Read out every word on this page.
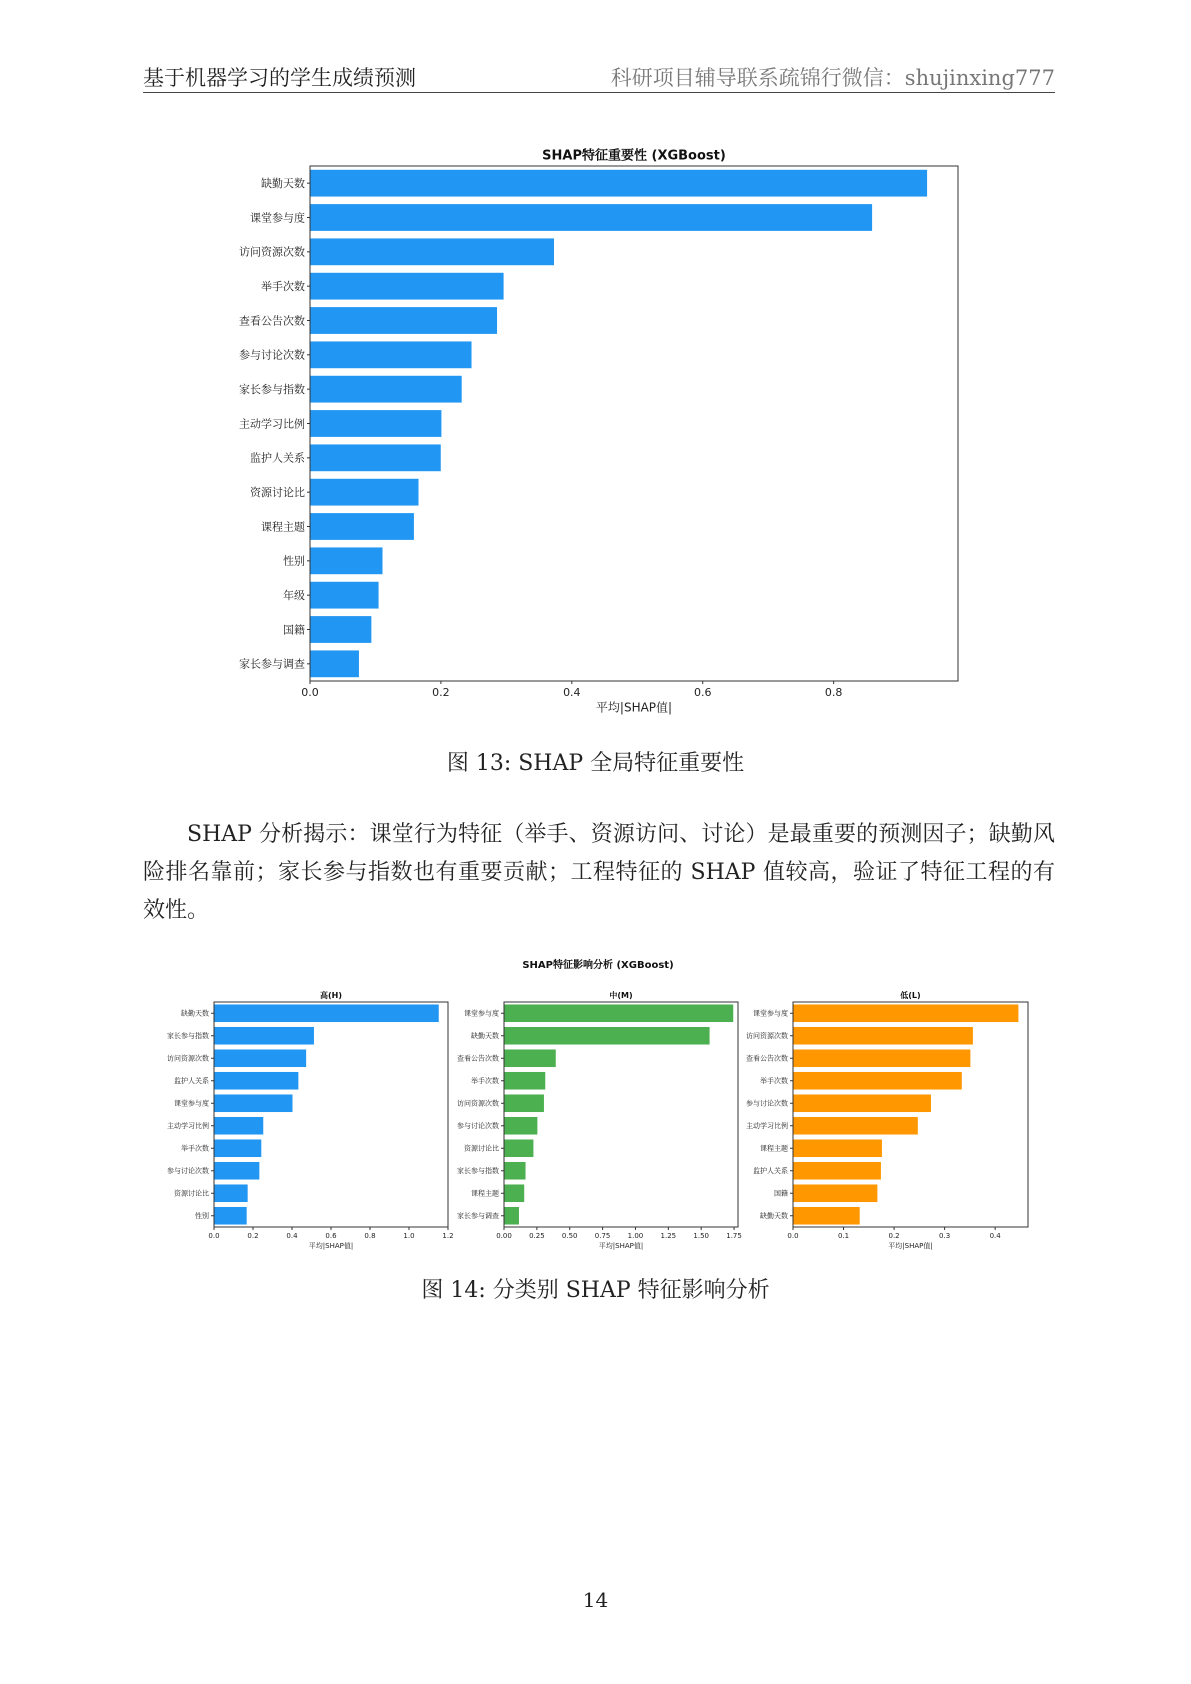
基于机器学习的学生成绩预测	科研项目辅导联系疏锦行微信：shujinxing777
缺勤天数
课堂参与度
访问资源次数
举手次数
查看公告次数
参与讨论次数
家长参与指数
主动学习比例
监护人关系
资源讨论比
课程主题
性别
年级
国籍
家长参与调查
0.0	0.2	0.4	0.6	0.8
SHAP特征重要性 (XGBoost)
平均|SHAP值|
图 13: SHAP 全局特征重要性

SHAP 分析揭示：课堂行为特征（举手、资源访问、讨论）是最重要的预测因子；缺勤风险排名靠前；家长参与指数也有重要贡献；工程特征的 SHAP 值较高，验证了特征工程的有效性。

SHAP特征影响分析 (XGBoost)
缺勤天数
家长参与指数
访问资源次数
监护人关系
课堂参与度
主动学习比例
举手次数
参与讨论次数
资源讨论比
性别
0.0	0.2	0.4	0.6	0.8	1.0	1.2
高(H)
平均|SHAP值|
课堂参与度
缺勤天数
查看公告次数
举手次数
访问资源次数
参与讨论次数
资源讨论比
家长参与指数
课程主题
家长参与调查
0.00 0.25 0.50 0.75 1.00 1.25 1.50 1.75
中(M)
平均|SHAP值|
课堂参与度
访问资源次数
查看公告次数
举手次数
参与讨论次数
主动学习比例
课程主题
监护人关系
国籍
缺勤天数
0.0	0.1	0.2	0.3	0.4
低(L)
平均|SHAP值|
图 14: 分类别 SHAP 特征影响分析
14
